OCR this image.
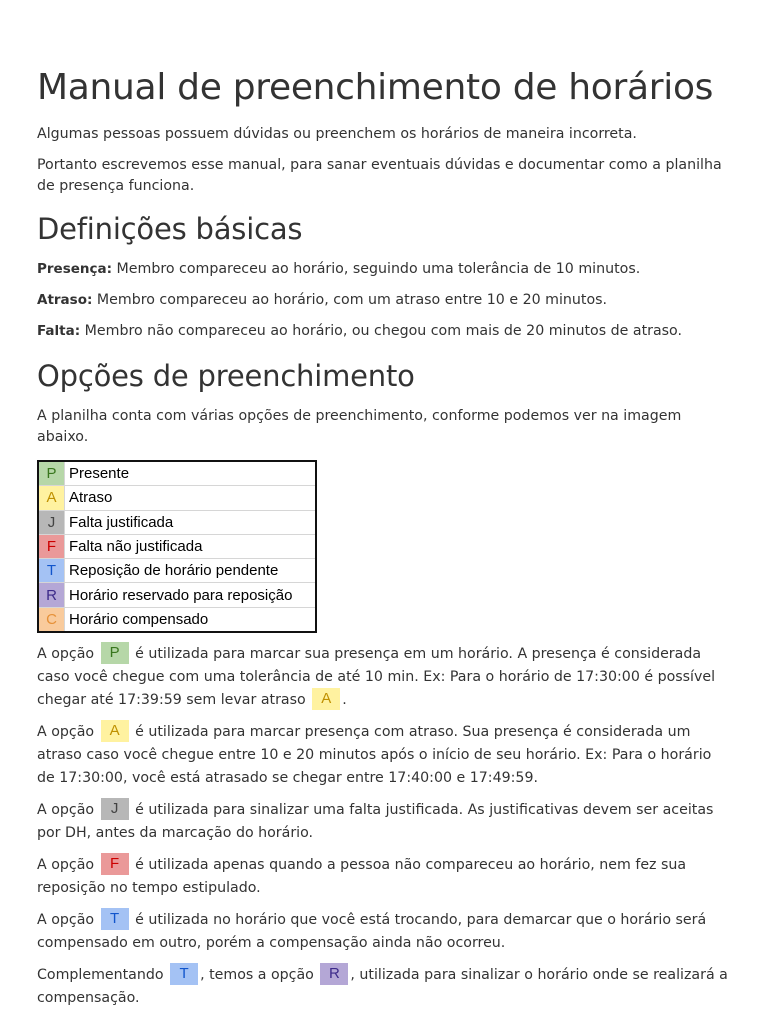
Manual de preenchimento de horários

Algumas pessoas possuem dúvidas ou preenchem os horários de maneira incorreta.

Portanto escrevemos esse manual, para sanar eventuais dúvidas e documentar como a planilha de presença funciona.

Definições básicas

Presença: Membro compareceu ao horário, seguindo uma tolerância de 10 minutos.

Atraso: Membro compareceu ao horário, com um atraso entre 10 e 20 minutos.

Falta: Membro não compareceu ao horário, ou chegou com mais de 20 minutos de atraso.

Opções de preenchimento

A planilha conta com várias opções de preenchimento, conforme podemos ver na imagem abaixo.

P Presente
A Atraso
J Falta justificada
F Falta não justificada
T Reposição de horário pendente
R Horário reservado para reposição
C Horário compensado

A opção P é utilizada para marcar sua presença em um horário. A presença é considerada caso você chegue com uma tolerância de até 10 min. Ex: Para o horário de 17:30:00 é possível chegar até 17:39:59 sem levar atraso A .

A opção A é utilizada para marcar presença com atraso. Sua presença é considerada um atraso caso você chegue entre 10 e 20 minutos após o início de seu horário. Ex: Para o horário de 17:30:00, você está atrasado se chegar entre 17:40:00 e 17:49:59.

A opção J é utilizada para sinalizar uma falta justificada. As justificativas devem ser aceitas por DH, antes da marcação do horário.

A opção F é utilizada apenas quando a pessoa não compareceu ao horário, nem fez sua reposição no tempo estipulado.

A opção T é utilizada no horário que você está trocando, para demarcar que o horário será compensado em outro, porém a compensação ainda não ocorreu.

Complementando T , temos a opção R , utilizada para sinalizar o horário onde se realizará a compensação.
